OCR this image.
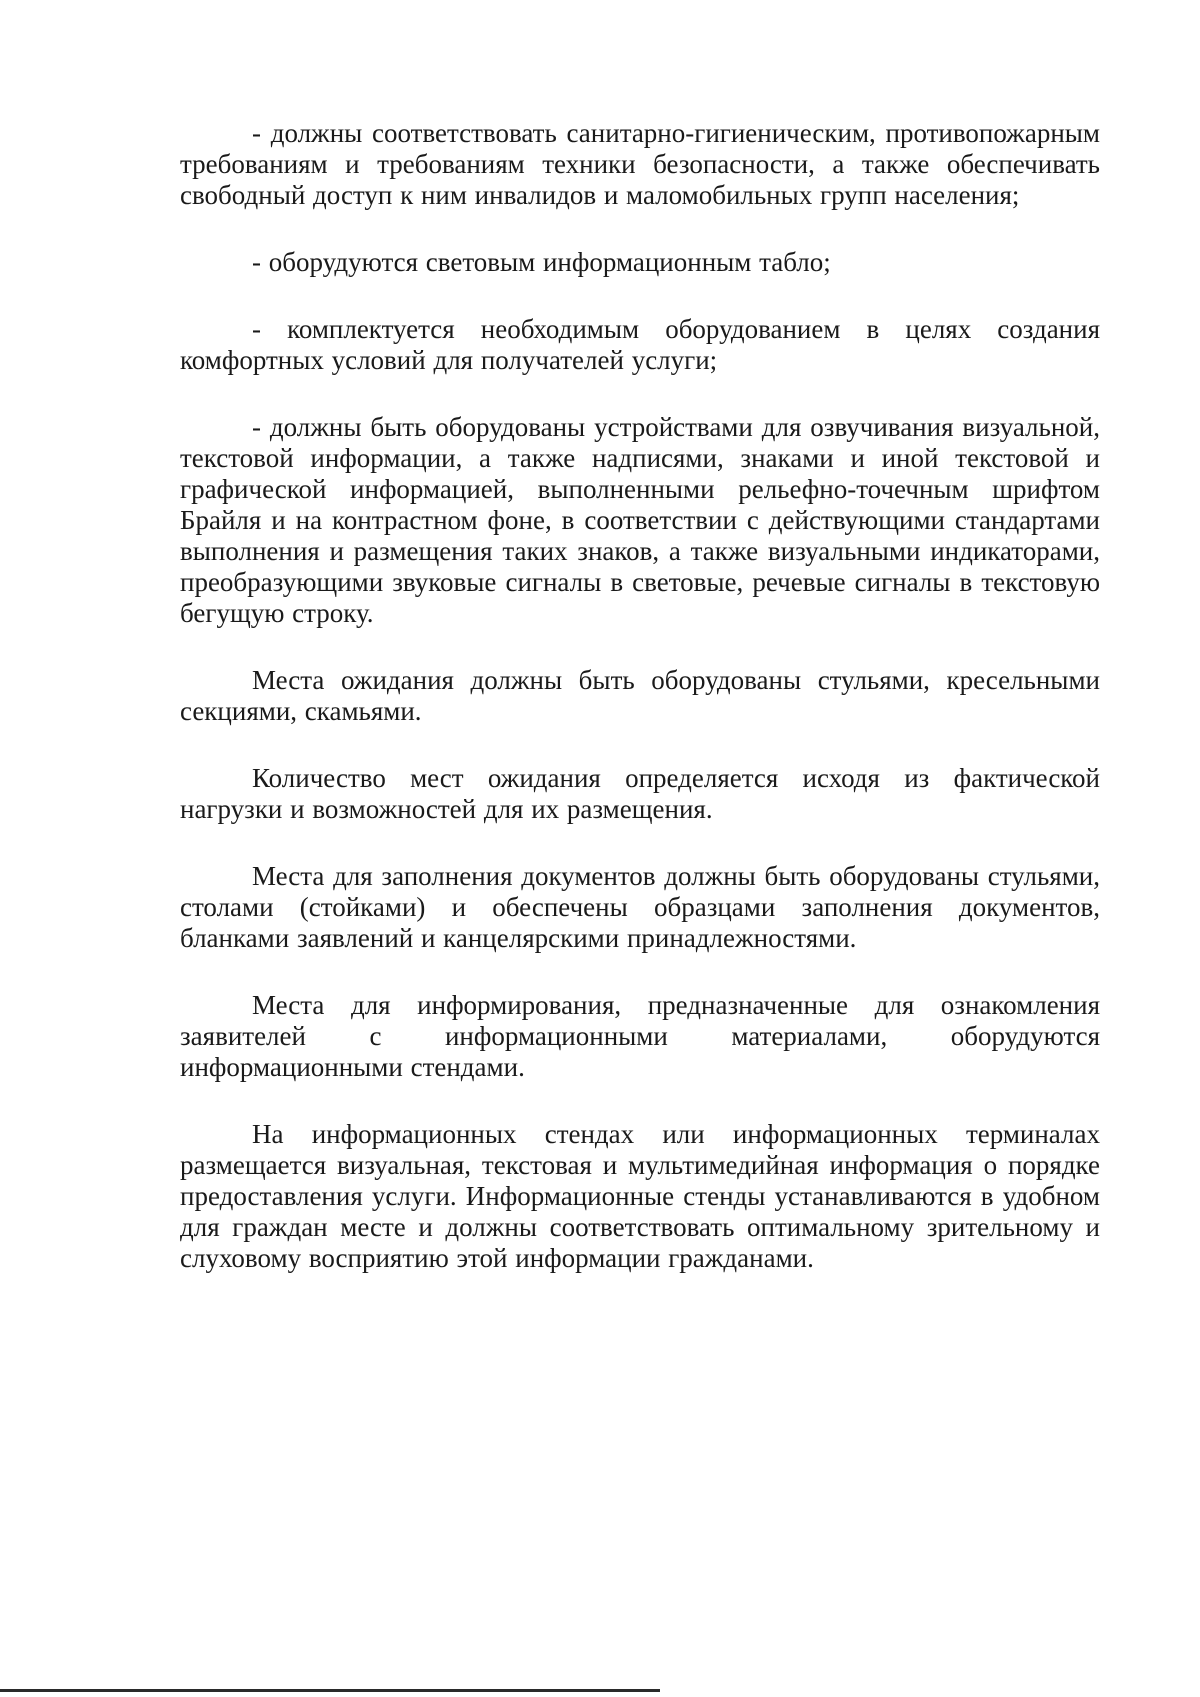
- должны соответствовать санитарно-гигиеническим, противопожарным требованиям и требованиям техники безопасности, а также обеспечивать свободный доступ к ним инвалидов и маломобильных групп населения;

- оборудуются световым информационным табло;

- комплектуется необходимым оборудованием в целях создания комфортных условий для получателей услуги;

- должны быть оборудованы устройствами для озвучивания визуальной, текстовой информации, а также надписями, знаками и иной текстовой и графической информацией, выполненными рельефно-точечным шрифтом Брайля и на контрастном фоне, в соответствии с действующими стандартами выполнения и размещения таких знаков, а также визуальными индикаторами, преобразующими звуковые сигналы в световые, речевые сигналы в текстовую бегущую строку.

Места ожидания должны быть оборудованы стульями, кресельными секциями, скамьями.

Количество мест ожидания определяется исходя из фактической нагрузки и возможностей для их размещения.

Места для заполнения документов должны быть оборудованы стульями, столами (стойками) и обеспечены образцами заполнения документов, бланками заявлений и канцелярскими принадлежностями.

Места для информирования, предназначенные для ознакомления заявителей с информационными материалами, оборудуются информационными стендами.

На информационных стендах или информационных терминалах размещается визуальная, текстовая и мультимедийная информация о порядке предоставления услуги. Информационные стенды устанавливаются в удобном для граждан месте и должны соответствовать оптимальному зрительному и слуховому восприятию этой информации гражданами.
